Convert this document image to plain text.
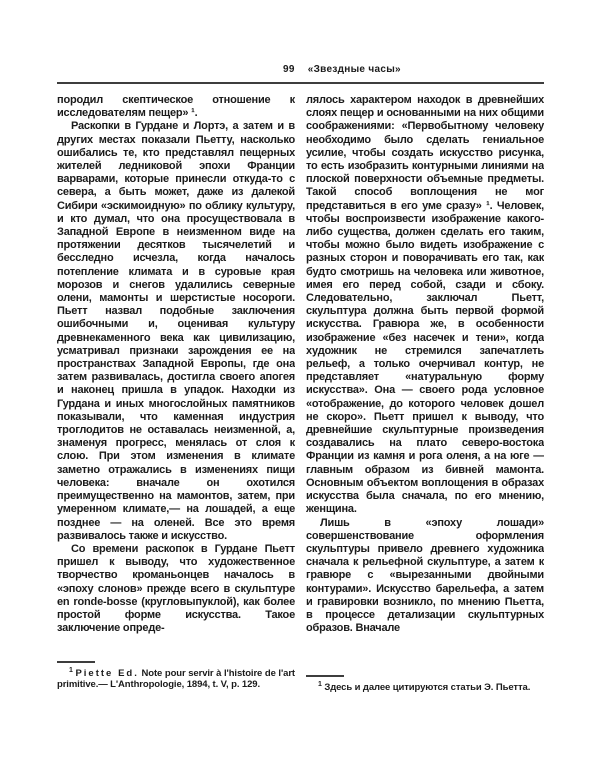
99 «Звездные часы»

породил скептическое отношение к исследователям пещер» ¹.

Раскопки в Гурдане и Лортэ, а затем и в других местах показали Пьетту, насколько ошибались те, кто представлял пещерных жителей ледниковой эпохи Франции варварами, которые принесли откуда-то с севера, а быть может, даже из далекой Сибири «эскимоидную» по облику культуру, и кто думал, что она просуществовала в Западной Европе в неизменном виде на протяжении десятков тысячелетий и бесследно исчезла, когда началось потепление климата и в суровые края морозов и снегов удалились северные олени, мамонты и шерстистые носороги. Пьетт назвал подобные заключения ошибочными и, оценивая культуру древнекаменного века как цивилизацию, усматривал признаки зарождения ее на пространствах Западной Европы, где она затем развивалась, достигла своего апогея и наконец пришла в упадок. Находки из Гурдана и иных многослойных памятников показывали, что каменная индустрия троглодитов не оставалась неизменной, а, знаменуя прогресс, менялась от слоя к слою. При этом изменения в климате заметно отражались в изменениях пищи человека: вначале он охотился преимущественно на мамонтов, затем, при умеренном климате,— на лошадей, а еще позднее — на оленей. Все это время развивалось также и искусство.

Со времени раскопок в Гурдане Пьетт пришел к выводу, что художественное творчество кроманьонцев началось в «эпоху слонов» прежде всего в скульптуре en ronde-bosse (кругловыпуклой), как более простой форме искусства. Такое заключение опреде-

лялось характером находок в древнейших слоях пещер и основанными на них общими соображениями: «Первобытному человеку необходимо было сделать гениальное усилие, чтобы создать искусство рисунка, то есть изобразить контурными линиями на плоской поверхности объемные предметы. Такой способ воплощения не мог представиться в его уме сразу» ¹. Человек, чтобы воспроизвести изображение какого-либо существа, должен сделать его таким, чтобы можно было видеть изображение с разных сторон и поворачивать его так, как будто смотришь на человека или животное, имея его перед собой, сзади и сбоку. Следовательно, заключал Пьетт, скульптура должна быть первой формой искусства. Гравюра же, в особенности изображение «без насечек и тени», когда художник не стремился запечатлеть рельеф, а только очерчивал контур, не представляет «натуральную форму искусства». Она — своего рода условное «отображение, до которого человек дошел не скоро». Пьетт пришел к выводу, что древнейшие скульптурные произведения создавались на плато северо-востока Франции из камня и рога оленя, а на юге — главным образом из бивней мамонта. Основным объектом воплощения в образах искусства была сначала, по его мнению, женщина.

Лишь в «эпоху лошади» совершенствование оформления скульптуры привело древнего художника сначала к рельефной скульптуре, а затем к гравюре с «вырезанными двойными контурами». Искусство барельефа, а затем и гравировки возникло, по мнению Пьетта, в процессе детализации скульптурных образов. Вначале

$^1$ Piette Ed. Note pour servir à l'histoire de l'art primitive.— L'Anthropologie, 1894, t. V, p. 129.	$^1$ Здесь и далее цитируются статьи Э. Пьетта.
